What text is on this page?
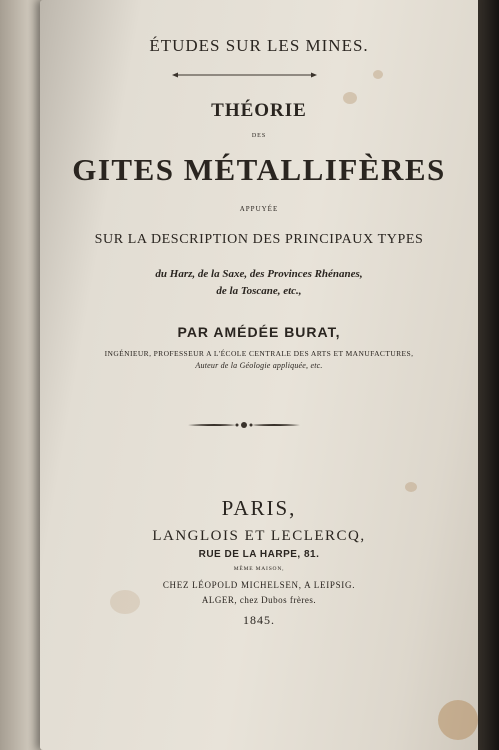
ÉTUDES SUR LES MINES.
THÉORIE
DES
GITES MÉTALLIFÈRES
APPUYÉE
SUR LA DESCRIPTION DES PRINCIPAUX TYPES
du Harz, de la Saxe, des Provinces Rhénanes,
de la Toscane, etc.,
PAR AMÉDÉE BURAT,
INGÉNIEUR, PROFESSEUR A L'ÉCOLE CENTRALE DES ARTS ET MANUFACTURES,
Auteur de la Géologie appliquée, etc.
PARIS,
LANGLOIS ET LECLERCQ,
RUE DE LA HARPE, 81.
MÊME MAISON,
CHEZ LÉOPOLD MICHELSEN, A LEIPSIG.
ALGER, chez Dubos frères.
1845.
